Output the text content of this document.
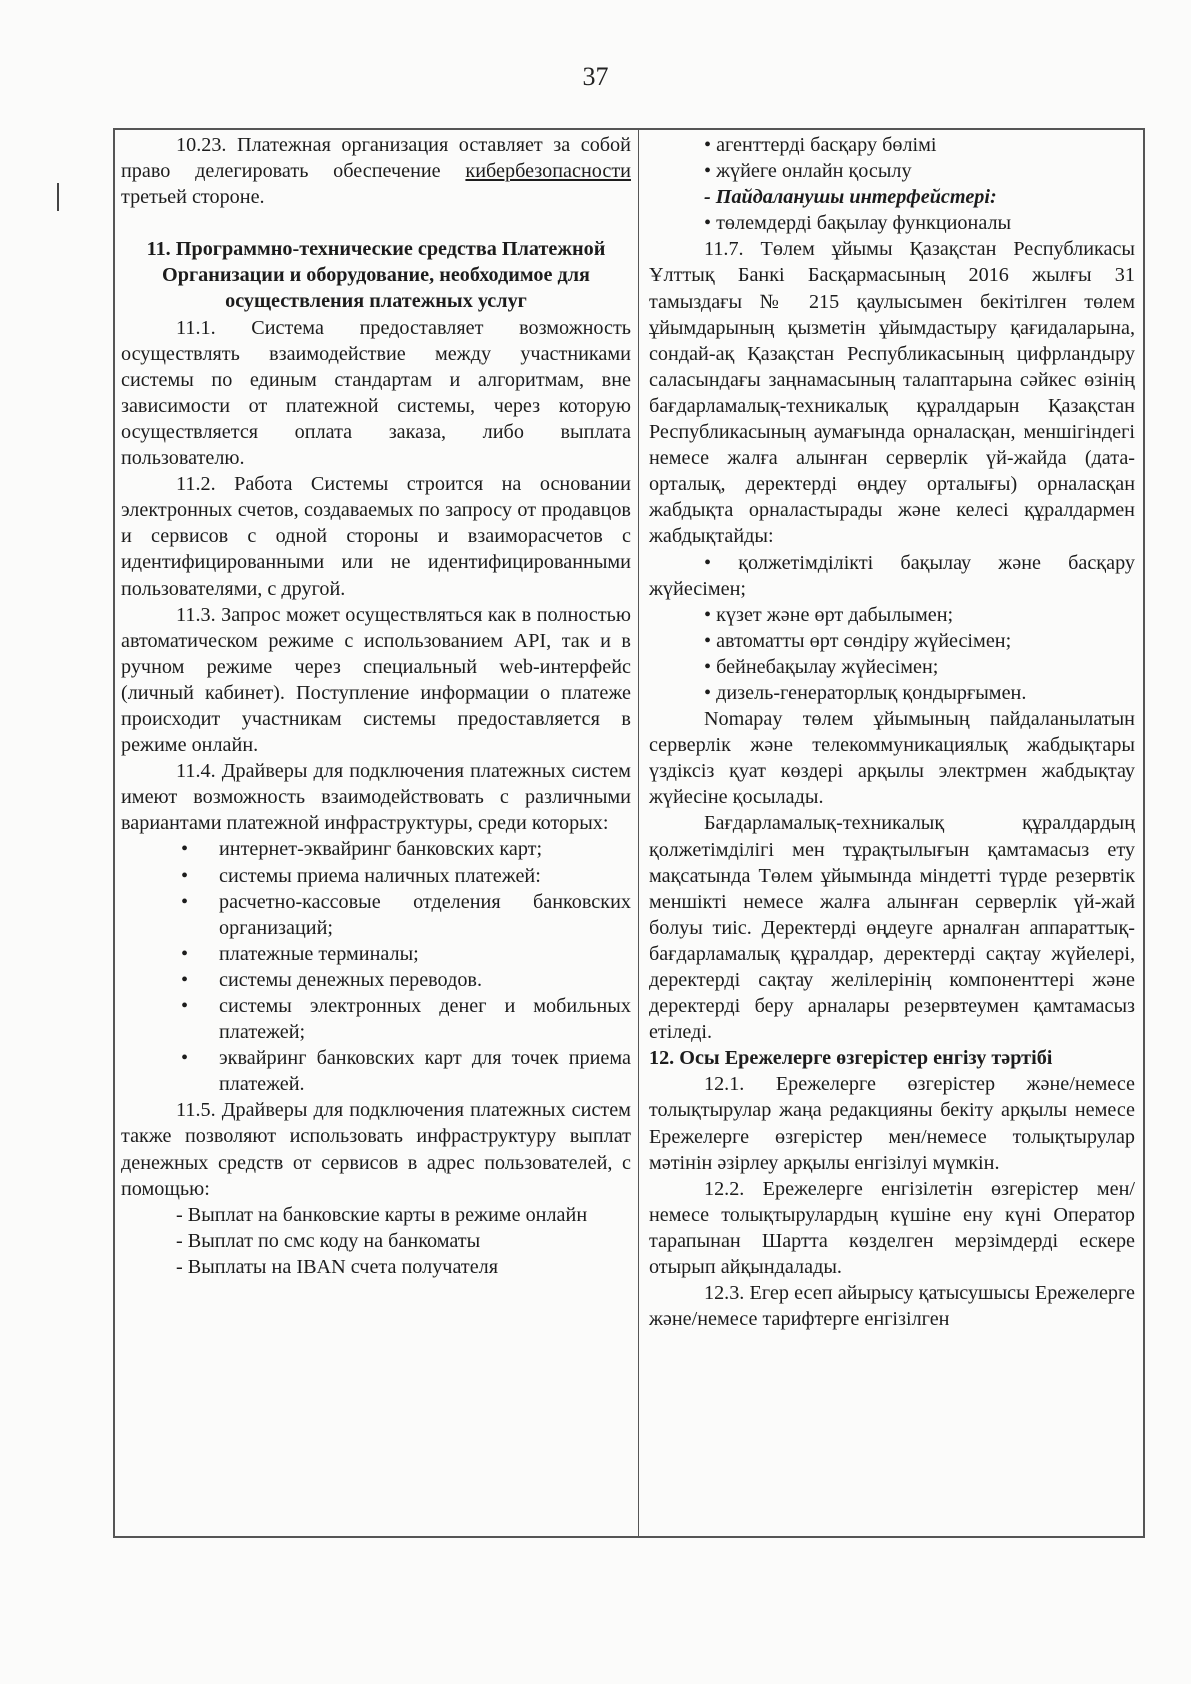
37

10.23. Платежная организация оставляет за собой право делегировать обеспечение кибербезопасности третьей стороне.

11. Программно-технические средства Платежной Организации и оборудование, необходимое для осуществления платежных услуг

11.1. Система предоставляет возможность осуществлять взаимодействие между участниками системы по единым стандартам и алгоритмам, вне зависимости от платежной системы, через которую осуществляется оплата заказа, либо выплата пользователю.

11.2. Работа Системы строится на основании электронных счетов, создаваемых по запросу от продавцов и сервисов с одной стороны и взаиморасчетов с идентифицированными или не идентифицированными пользователями, с другой.

11.3. Запрос может осуществляться как в полностью автоматическом режиме с использованием API, так и в ручном режиме через специальный web-интерфейс (личный кабинет). Поступление информации о платеже происходит участникам системы предоставляется в режиме онлайн.

11.4. Драйверы для подключения платежных систем имеют возможность взаимодействовать с различными вариантами платежной инфраструктуры, среди которых:

• интернет-эквайринг банковских карт;
• системы приема наличных платежей:
• расчетно-кассовые отделения банковских организаций;
• платежные терминалы;
• системы денежных переводов.
• системы электронных денег и мобильных платежей;
• эквайринг банковских карт для точек приема платежей.

11.5. Драйверы для подключения платежных систем также позволяют использовать инфраструктуру выплат денежных средств от сервисов в адрес пользователей, с помощью:

- Выплат на банковские карты в режиме онлайн

- Выплат по смс коду на банкоматы

- Выплаты на IBAN счета получателя

• агенттерді басқару бөлімі

• жүйеге онлайн қосылу

- Пайдаланушы интерфейстері:

• төлемдерді бақылау функционалы

11.7. Төлем ұйымы Қазақстан Республикасы Ұлттық Банкі Басқармасының 2016 жылғы 31 тамыздағы № 215 қаулысымен бекітілген төлем ұйымдарының қызметін ұйымдастыру қағидаларына, сондай-ақ Қазақстан Республикасының цифрландыру саласындағы заңнамасының талаптарына сәйкес өзінің бағдарламалық-техникалық құралдарын Қазақстан Республикасының аумағында орналасқан, меншігіндегі немесе жалға алынған серверлік үй-жайда (дата-орталық, деректерді өңдеу орталығы) орналасқан жабдықта орналастырады және келесі құралдармен жабдықтайды:

• қолжетімділікті бақылау және басқару жүйесімен;

• күзет және өрт дабылымен;

• автоматты өрт сөндіру жүйесімен;

• бейнебақылау жүйесімен;

• дизель-генераторлық қондырғымен.

Nomapay төлем ұйымының пайдаланылатын серверлік және телекоммуникациялық жабдықтары үздіксіз қуат көздері арқылы электрмен жабдықтау жүйесіне қосылады.

Бағдарламалық-техникалық құралдардың қолжетімділігі мен тұрақтылығын қамтамасыз ету мақсатында Төлем ұйымында міндетті түрде резервтік меншікті немесе жалға алынған серверлік үй-жай болуы тиіс. Деректерді өңдеуге арналған аппараттық-бағдарламалық құралдар, деректерді сақтау жүйелері, деректерді сақтау желілерінің компоненттері және деректерді беру арналары резервтеумен қамтамасыз етіледі.

12. Осы Ережелерге өзгерістер енгізу тәртібі

12.1. Ережелерге өзгерістер және/немесе толықтырулар жаңа редакцияны бекіту арқылы немесе Ережелерге өзгерістер мен/немесе толықтырулар мәтінін әзірлеу арқылы енгізілуі мүмкін.

12.2. Ережелерге енгізілетін өзгерістер мен/немесе толықтырулардың күшіне ену күні Оператор тарапынан Шартта көзделген мерзімдерді ескере отырып айқындалады.

12.3. Егер есеп айырысу қатысушысы Ережелерге және/немесе тарифтерге енгізілген
